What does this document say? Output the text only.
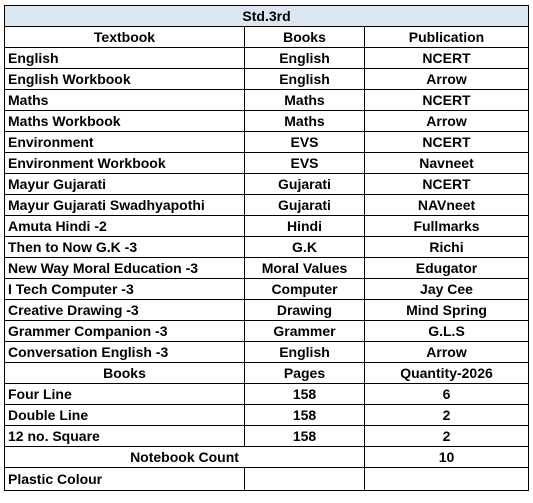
Std.3rd		
Textbook	Books	Publication
English	English	NCERT
English Workbook	English	Arrow
Maths	Maths	NCERT
Maths Workbook	Maths	Arrow
Environment	EVS	NCERT
Environment Workbook	EVS	Navneet
Mayur Gujarati	Gujarati	NCERT
Mayur Gujarati Swadhyapothi	Gujarati	NAVneet
Amuta Hindi -2	Hindi	Fullmarks
Then to Now G.K -3	G.K	Richi
New Way Moral Education -3	Moral Values	Edugator
I Tech Computer -3	Computer	Jay Cee
Creative Drawing -3	Drawing	Mind Spring
Grammer Companion -3	Grammer	G.L.S
Conversation English -3	English	Arrow
Books	Pages	Quantity-2026
Four Line	158	6
Double Line	158	2
12 no. Square	158	2
Notebook Count		10
Plastic Colour		
